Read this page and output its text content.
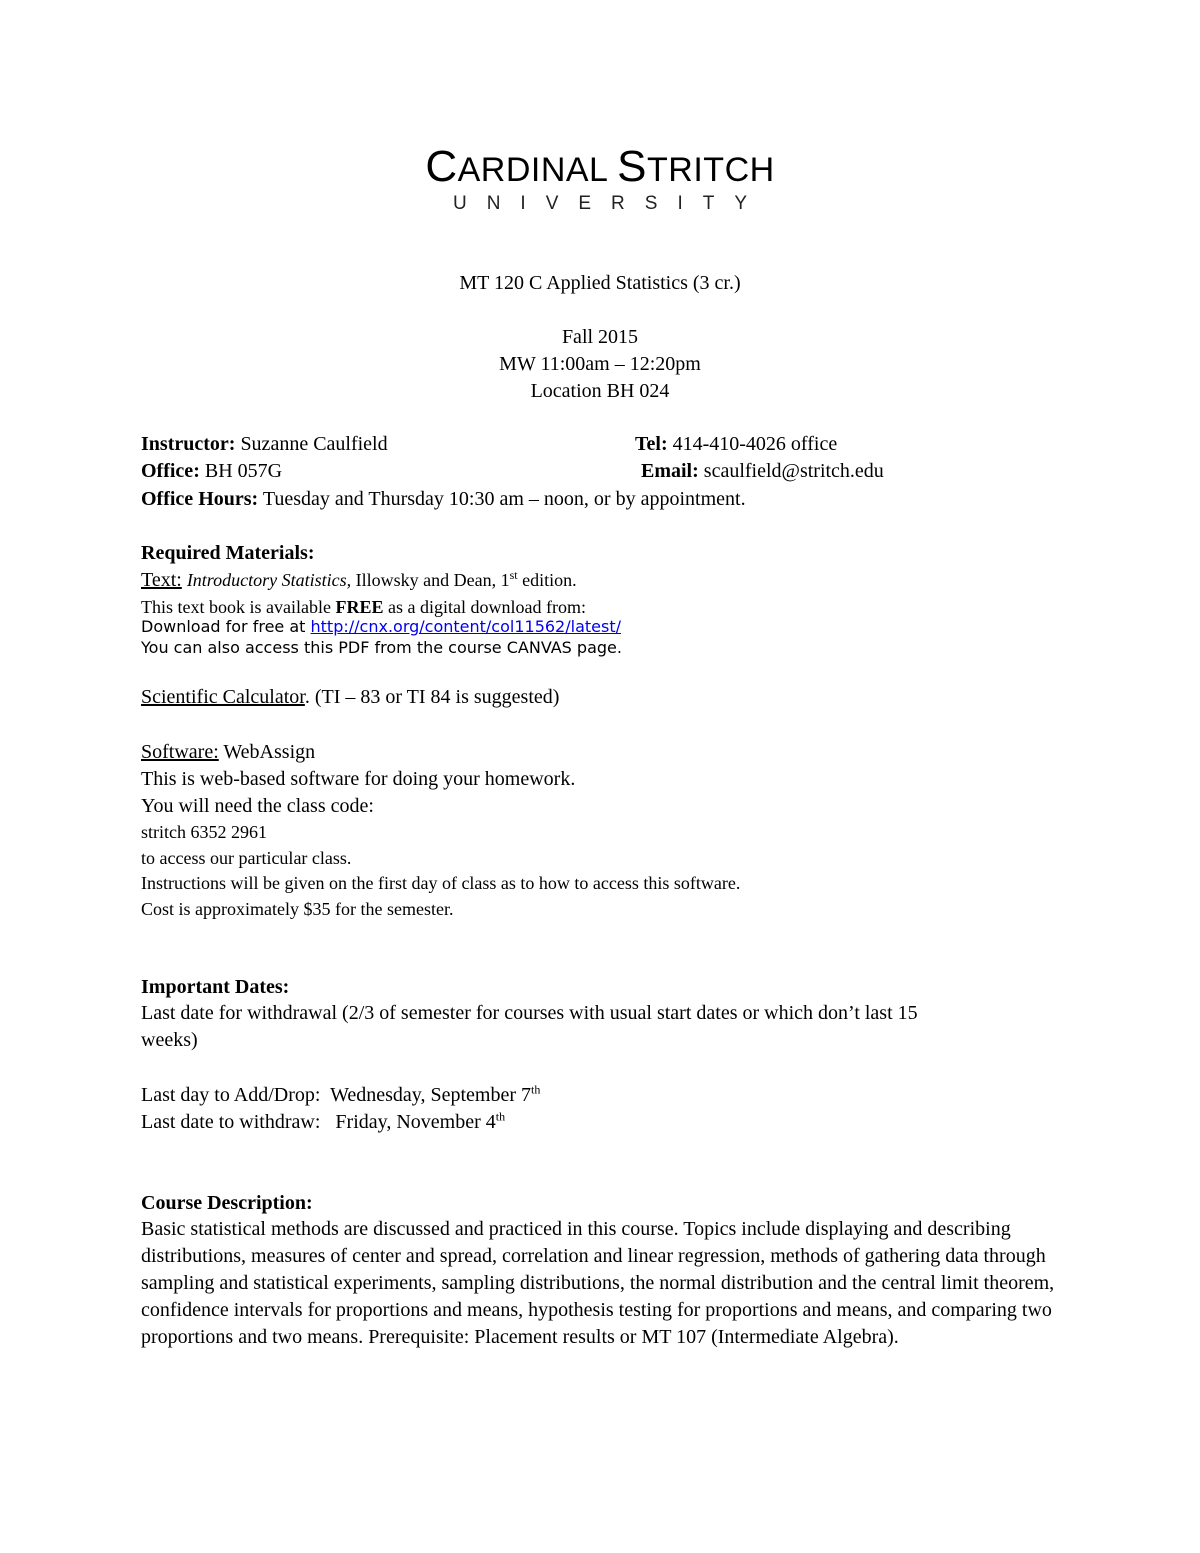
CARDINAL STRITCH
UNIVERSITY
MT 120 C Applied Statistics (3 cr.)
Fall 2015
MW 11:00am – 12:20pm
Location BH 024
Instructor: Suzanne Caulfield	Tel: 414-410-4026 office
Office: BH 057G	Email: scaulfield@stritch.edu
Office Hours: Tuesday and Thursday 10:30 am – noon, or by appointment.
Required Materials:
Text: Introductory Statistics, Illowsky and Dean, 1st edition.
This text book is available FREE as a digital download from:
Download for free at http://cnx.org/content/col11562/latest/
You can also access this PDF from the course CANVAS page.
Scientific Calculator. (TI – 83 or TI 84 is suggested)
Software: WebAssign
This is web-based software for doing your homework.
You will need the class code:
stritch 6352 2961
to access our particular class.
Instructions will be given on the first day of class as to how to access this software.
Cost is approximately $35 for the semester.
Important Dates:
Last date for withdrawal (2/3 of semester for courses with usual start dates or which don’t last 15
weeks)
Last day to Add/Drop: Wednesday, September 7th
Last date to withdraw: Friday, November 4th
Course Description:
Basic statistical methods are discussed and practiced in this course. Topics include displaying and describing distributions, measures of center and spread, correlation and linear regression, methods of gathering data through sampling and statistical experiments, sampling distributions, the normal distribution and the central limit theorem, confidence intervals for proportions and means, hypothesis testing for proportions and means, and comparing two proportions and two means. Prerequisite: Placement results or MT 107 (Intermediate Algebra).
